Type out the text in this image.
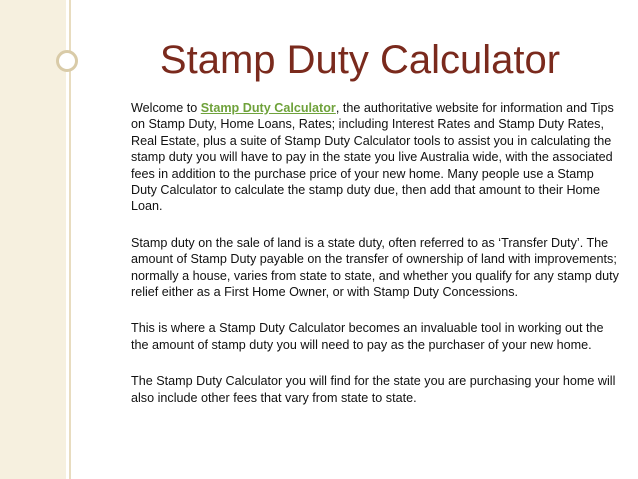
Stamp Duty Calculator

Welcome to Stamp Duty Calculator, the authoritative website for information and Tips on Stamp Duty, Home Loans, Rates; including Interest Rates and Stamp Duty Rates, Real Estate, plus a suite of Stamp Duty Calculator tools to assist you in calculating the stamp duty you will have to pay in the state you live Australia wide, with the associated fees in addition to the purchase price of your new home. Many people use a Stamp Duty Calculator to calculate the stamp duty due, then add that amount to their Home Loan.

Stamp duty on the sale of land is a state duty, often referred to as ‘Transfer Duty’. The amount of Stamp Duty payable on the transfer of ownership of land with improvements; normally a house, varies from state to state, and whether you qualify for any stamp duty relief either as a First Home Owner, or with Stamp Duty Concessions.

This is where a Stamp Duty Calculator becomes an invaluable tool in working out the the amount of stamp duty you will need to pay as the purchaser of your new home.

The Stamp Duty Calculator you will find for the state you are purchasing your home will also include other fees that vary from state to state.
